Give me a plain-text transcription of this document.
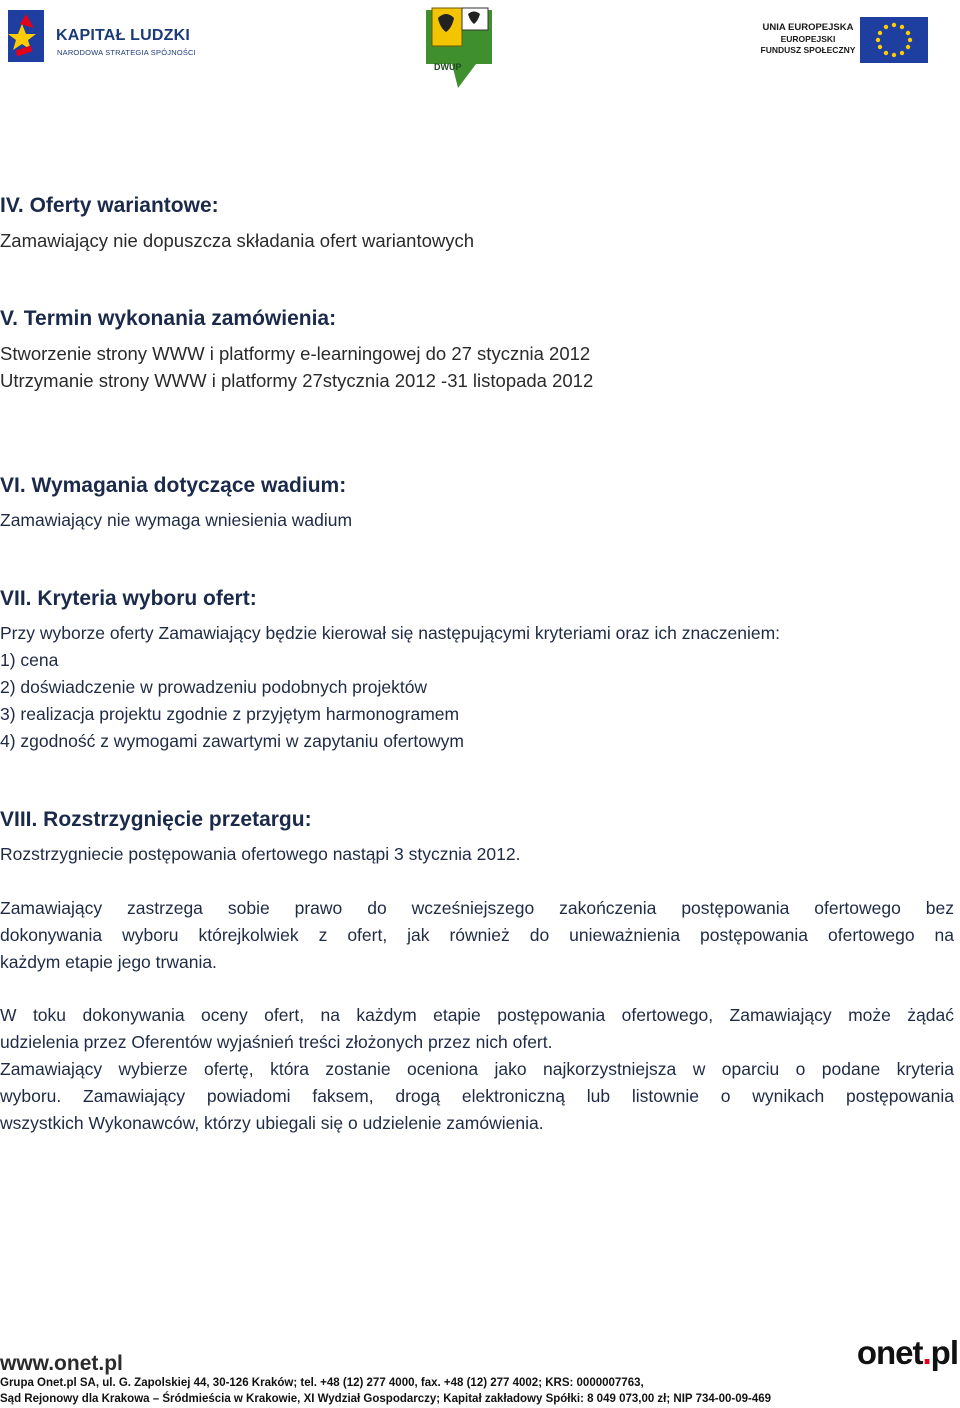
KAPITAŁ LUDZKI
NARODOWA STRATEGIA SPÓJNOŚCI
DWUP
UNIA EUROPEJSKA
EUROPEJSKI
FUNDUSZ SPOŁECZNY
IV. Oferty wariantowe:
Zamawiający nie dopuszcza składania ofert wariantowych
V. Termin wykonania zamówienia:
Stworzenie strony WWW i platformy e-learningowej do 27 stycznia 2012
Utrzymanie strony WWW i platformy 27stycznia 2012 -31 listopada 2012
VI. Wymagania dotyczące wadium:
Zamawiający nie wymaga wniesienia wadium
VII. Kryteria wyboru ofert:
Przy wyborze oferty Zamawiający będzie kierował się następującymi kryteriami oraz ich znaczeniem:
1) cena
2) doświadczenie w prowadzeniu podobnych projektów
3) realizacja projektu zgodnie z przyjętym harmonogramem
4) zgodność z wymogami zawartymi w zapytaniu ofertowym
VIII. Rozstrzygnięcie przetargu:
Rozstrzygniecie postępowania ofertowego nastąpi 3 stycznia 2012.
Zamawiający zastrzega sobie prawo do wcześniejszego zakończenia postępowania ofertowego bez
dokonywania wyboru którejkolwiek z ofert, jak również do unieważnienia postępowania ofertowego na
każdym etapie jego trwania.
W toku dokonywania oceny ofert, na każdym etapie postępowania ofertowego, Zamawiający może żądać
udzielenia przez Oferentów wyjaśnień treści złożonych przez nich ofert.
Zamawiający wybierze ofertę, która zostanie oceniona jako najkorzystniejsza w oparciu o podane kryteria
wyboru. Zamawiający powiadomi faksem, drogą elektroniczną lub listownie o wynikach postępowania
wszystkich Wykonawców, którzy ubiegali się o udzielenie zamówienia.
www.onet.pl	onet.pl
Grupa Onet.pl SA, ul. G. Zapolskiej 44, 30-126 Kraków; tel. +48 (12) 277 4000, fax. +48 (12) 277 4002; KRS: 0000007763,
Sąd Rejonowy dla Krakowa – Śródmieścia w Krakowie, XI Wydział Gospodarczy; Kapitał zakładowy Spółki: 8 049 073,00 zł; NIP 734-00-09-469
